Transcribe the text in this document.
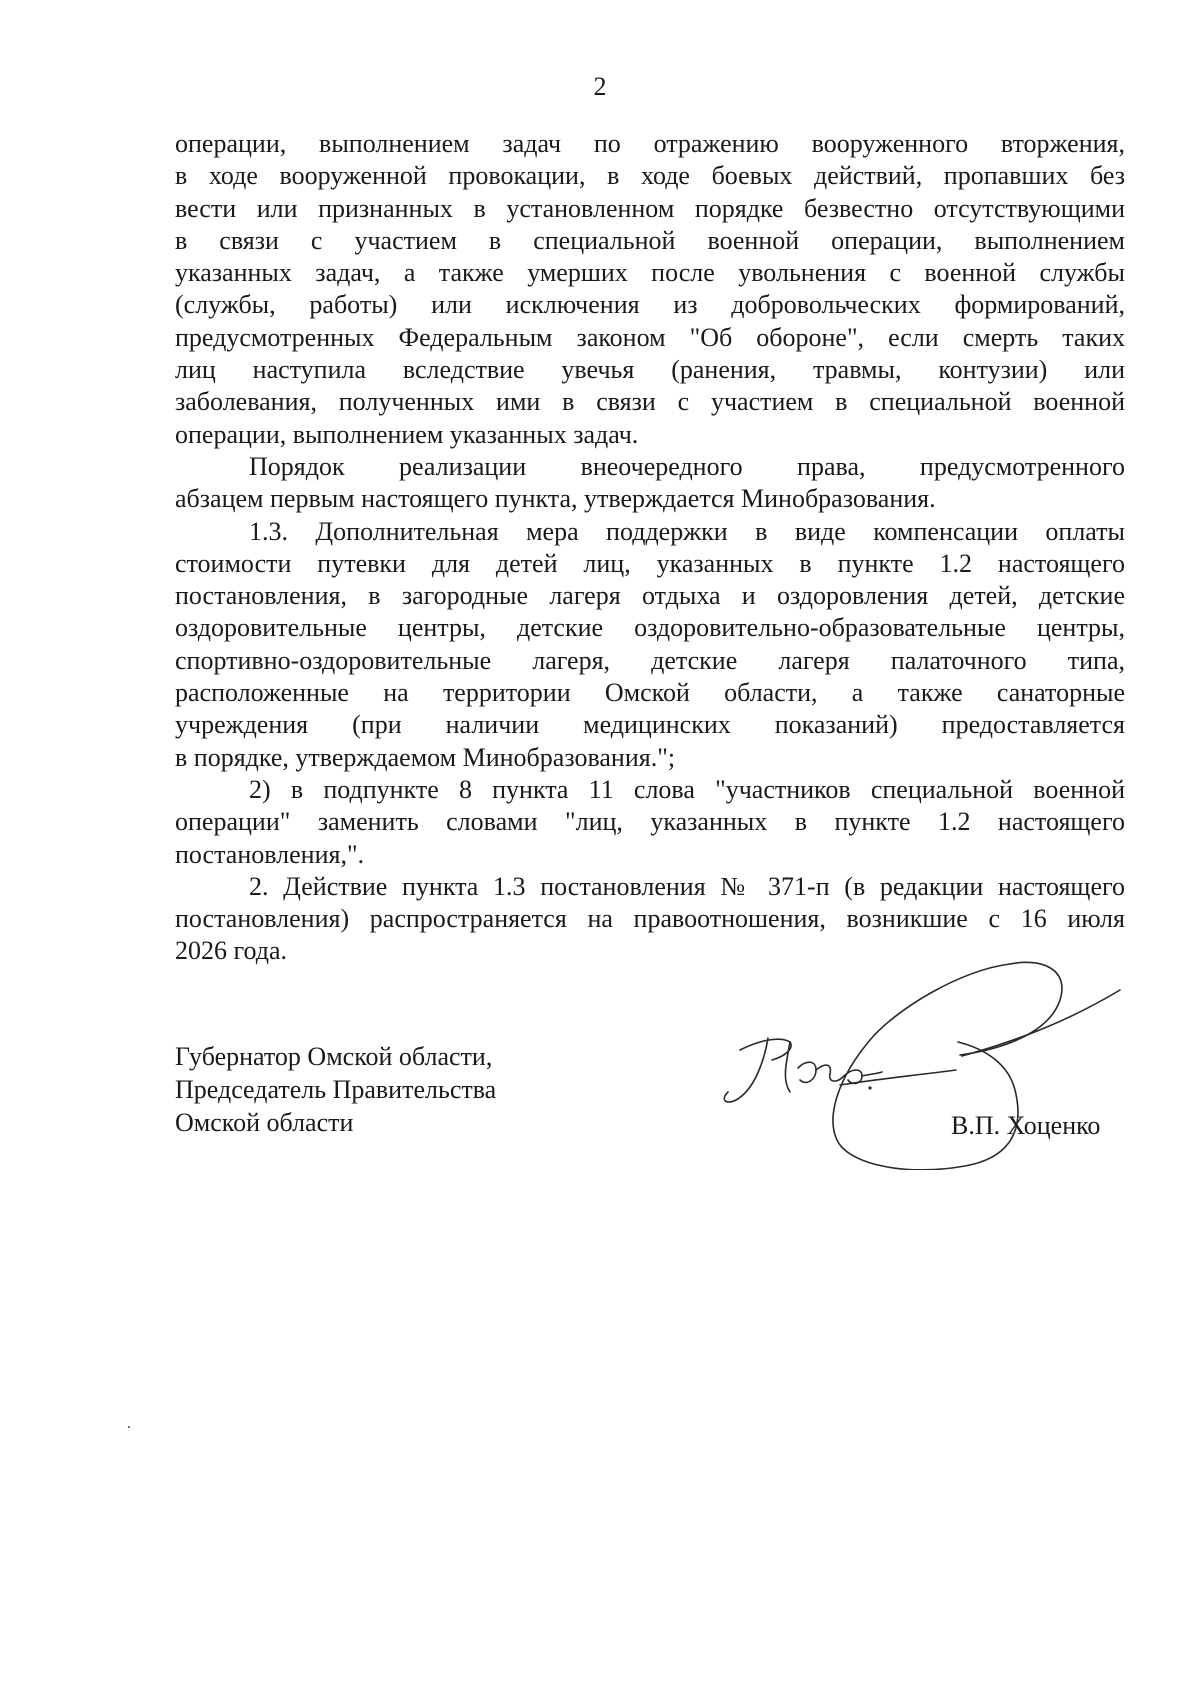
2

операции, выполнением задач по отражению вооруженного вторжения,

в ходе вооруженной провокации, в ходе боевых действий, пропавших без

вести или признанных в установленном порядке безвестно отсутствующими

в связи с участием в специальной военной операции, выполнением

указанных задач, а также умерших после увольнения с военной службы

(службы, работы) или исключения из добровольческих формирований,

предусмотренных Федеральным законом "Об обороне", если смерть таких

лиц наступила вследствие увечья (ранения, травмы, контузии) или

заболевания, полученных ими в связи с участием в специальной военной

операции, выполнением указанных задач.

Порядок реализации внеочередного права, предусмотренного

абзацем первым настоящего пункта, утверждается Минобразования.

1.3. Дополнительная мера поддержки в виде компенсации оплаты

стоимости путевки для детей лиц, указанных в пункте 1.2 настоящего

постановления, в загородные лагеря отдыха и оздоровления детей, детские

оздоровительные центры, детские оздоровительно-образовательные центры,

спортивно-оздоровительные лагеря, детские лагеря палаточного типа,

расположенные на территории Омской области, а также санаторные

учреждения (при наличии медицинских показаний) предоставляется

в порядке, утверждаемом Минобразования.";

2) в подпункте 8 пункта 11 слова "участников специальной военной

операции" заменить словами "лиц, указанных в пункте 1.2 настоящего

постановления,".

2. Действие пункта 1.3 постановления № 371-п (в редакции настоящего

постановления) распространяется на правоотношения, возникшие с 16 июля

2026 года.

Губернатор Омской области,
Председатель Правительства
Омской области	В.П. Хоценко
